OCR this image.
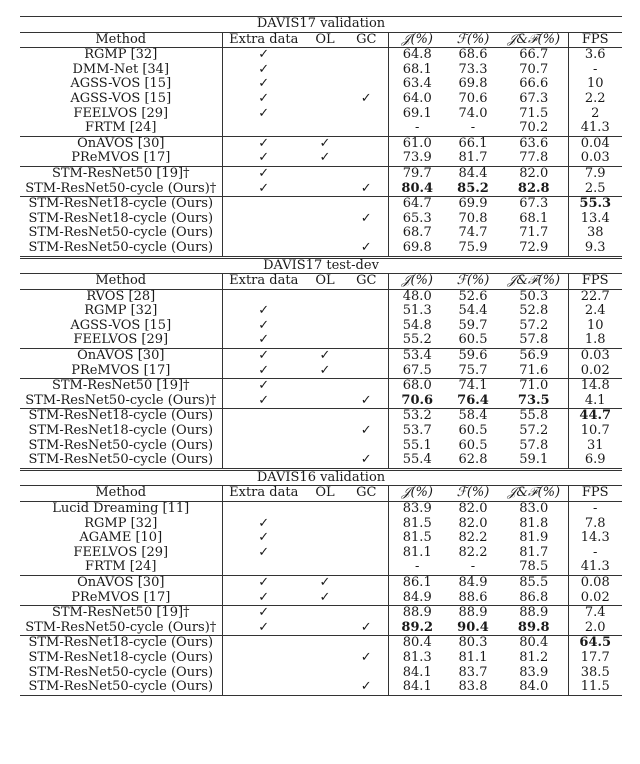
DAVIS17 validation							
Method	Extra data	OL	GC	𝒥(%)	ℱ(%)	𝒥&ℱ(%)	FPS
RGMP [32]	✓			64.8	68.6	66.7	3.6
DMM-Net [34]	✓			68.1	73.3	70.7	-
AGSS-VOS [15]	✓			63.4	69.8	66.6	10
AGSS-VOS [15]	✓		✓	64.0	70.6	67.3	2.2
FEELVOS [29]	✓			69.1	74.0	71.5	2
FRTM [24]				-	-	70.2	41.3
OnAVOS [30]	✓	✓		61.0	66.1	63.6	0.04
PReMVOS [17]	✓	✓		73.9	81.7	77.8	0.03
STM-ResNet50 [19]†	✓			79.7	84.4	82.0	7.9
STM-ResNet50-cycle (Ours)†	✓		✓	80.4	85.2	82.8	2.5
STM-ResNet18-cycle (Ours)				64.7	69.9	67.3	55.3
STM-ResNet18-cycle (Ours)			✓	65.3	70.8	68.1	13.4
STM-ResNet50-cycle (Ours)				68.7	74.7	71.7	38
STM-ResNet50-cycle (Ours)			✓	69.8	75.9	72.9	9.3
DAVIS17 test-dev							
Method	Extra data	OL	GC	𝒥(%)	ℱ(%)	𝒥&ℱ(%)	FPS
RVOS [28]				48.0	52.6	50.3	22.7
RGMP [32]	✓			51.3	54.4	52.8	2.4
AGSS-VOS [15]	✓			54.8	59.7	57.2	10
FEELVOS [29]	✓			55.2	60.5	57.8	1.8
OnAVOS [30]	✓	✓		53.4	59.6	56.9	0.03
PReMVOS [17]	✓	✓		67.5	75.7	71.6	0.02
STM-ResNet50 [19]†	✓			68.0	74.1	71.0	14.8
STM-ResNet50-cycle (Ours)†	✓		✓	70.6	76.4	73.5	4.1
STM-ResNet18-cycle (Ours)				53.2	58.4	55.8	44.7
STM-ResNet18-cycle (Ours)			✓	53.7	60.5	57.2	10.7
STM-ResNet50-cycle (Ours)				55.1	60.5	57.8	31
STM-ResNet50-cycle (Ours)			✓	55.4	62.8	59.1	6.9
DAVIS16 validation							
Method	Extra data	OL	GC	𝒥(%)	ℱ(%)	𝒥&ℱ(%)	FPS
Lucid Dreaming [11]				83.9	82.0	83.0	-
RGMP [32]	✓			81.5	82.0	81.8	7.8
AGAME [10]	✓			81.5	82.2	81.9	14.3
FEELVOS [29]	✓			81.1	82.2	81.7	-
FRTM [24]				-	-	78.5	41.3
OnAVOS [30]	✓	✓		86.1	84.9	85.5	0.08
PReMVOS [17]	✓	✓		84.9	88.6	86.8	0.02
STM-ResNet50 [19]†	✓			88.9	88.9	88.9	7.4
STM-ResNet50-cycle (Ours)†	✓		✓	89.2	90.4	89.8	2.0
STM-ResNet18-cycle (Ours)				80.4	80.3	80.4	64.5
STM-ResNet18-cycle (Ours)			✓	81.3	81.1	81.2	17.7
STM-ResNet50-cycle (Ours)				84.1	83.7	83.9	38.5
STM-ResNet50-cycle (Ours)			✓	84.1	83.8	84.0	11.5
